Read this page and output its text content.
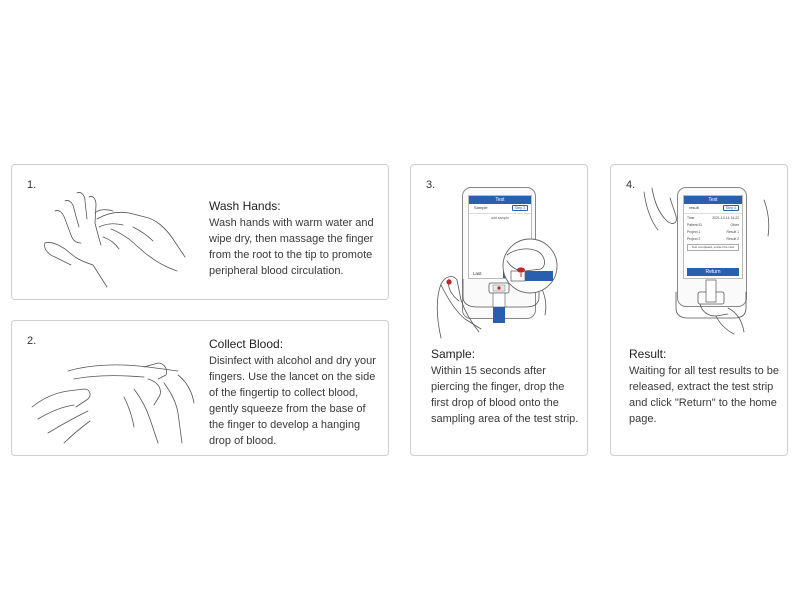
1.

Wash Hands:

Wash hands with warm water and wipe dry, then massage the finger from the root to the tip to promote peripheral blood circulation.

2.	Collect Blood:

Disinfect with alcohol and dry your fingers. Use the lancet on the side of the fingertip to collect blood, gently squeeze from the base of the finger to develop a hanging drop of blood.

3.
Test
Sample	Step 3
add sample
Last

Sample:

Within 15 seconds after piercing the finger, drop the first drop of blood onto the sampling area of the test strip.

4.
Test
result	Step 4
Time	2021-10-14 14:22
Patient ID	Other
Project 1	Result 1
Project 2	Result 2
Test completed, extract the card
Return

Result:

Waiting for all test results to be released, extract the test strip and click "Return" to the home page.
